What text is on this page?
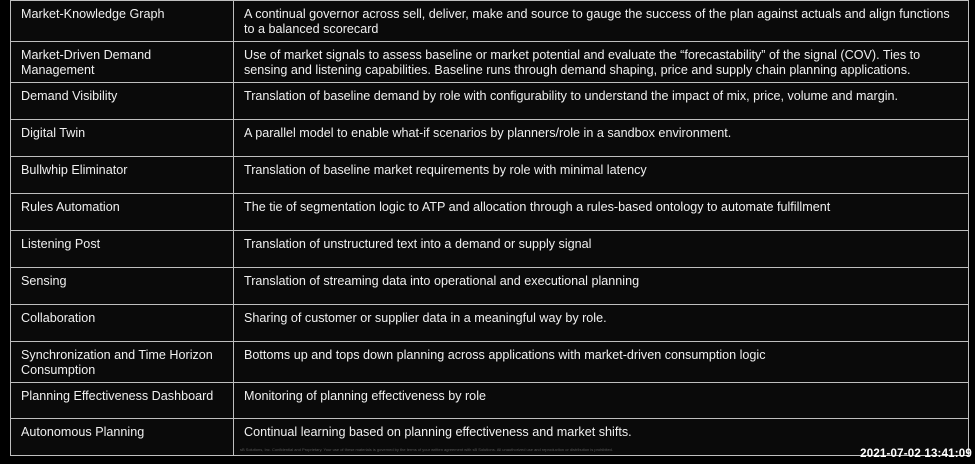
Market-Knowledge Graph	A continual governor across sell, deliver, make and source to gauge the success of the plan against actuals and align functions to a balanced scorecard
Market-Driven Demand Management	Use of market signals to assess baseline or market potential and evaluate the “forecastability” of the signal (COV). Ties to sensing and listening capabilities. Baseline runs through demand shaping, price and supply chain planning applications.
Demand Visibility	Translation of baseline demand by role with configurability to understand the impact of mix, price, volume and margin.
Digital Twin	A parallel model to enable what-if scenarios by planners/role in a sandbox environment.
Bullwhip Eliminator	Translation of baseline market requirements by role with minimal latency
Rules Automation	The tie of segmentation logic to ATP and allocation through a rules-based ontology to automate fulfillment
Listening Post	Translation of unstructured text into a demand or supply signal
Sensing	Translation of streaming data into operational and executional planning
Collaboration	Sharing of customer or supplier data in a meaningful way by role.
Synchronization and Time Horizon Consumption	Bottoms up and tops down planning across applications with market-driven consumption logic
Planning Effectiveness Dashboard	Monitoring of planning effectiveness by role
Autonomous Planning	Continual learning based on planning effectiveness and market shifts.
sB Solutions, Inc. Confidential and Proprietary. Your use of these materials is governed by the terms of your written agreement with sB Solutions. All unauthorized use and reproduction or distribution is prohibited.	2021-07-02 13:41:09
